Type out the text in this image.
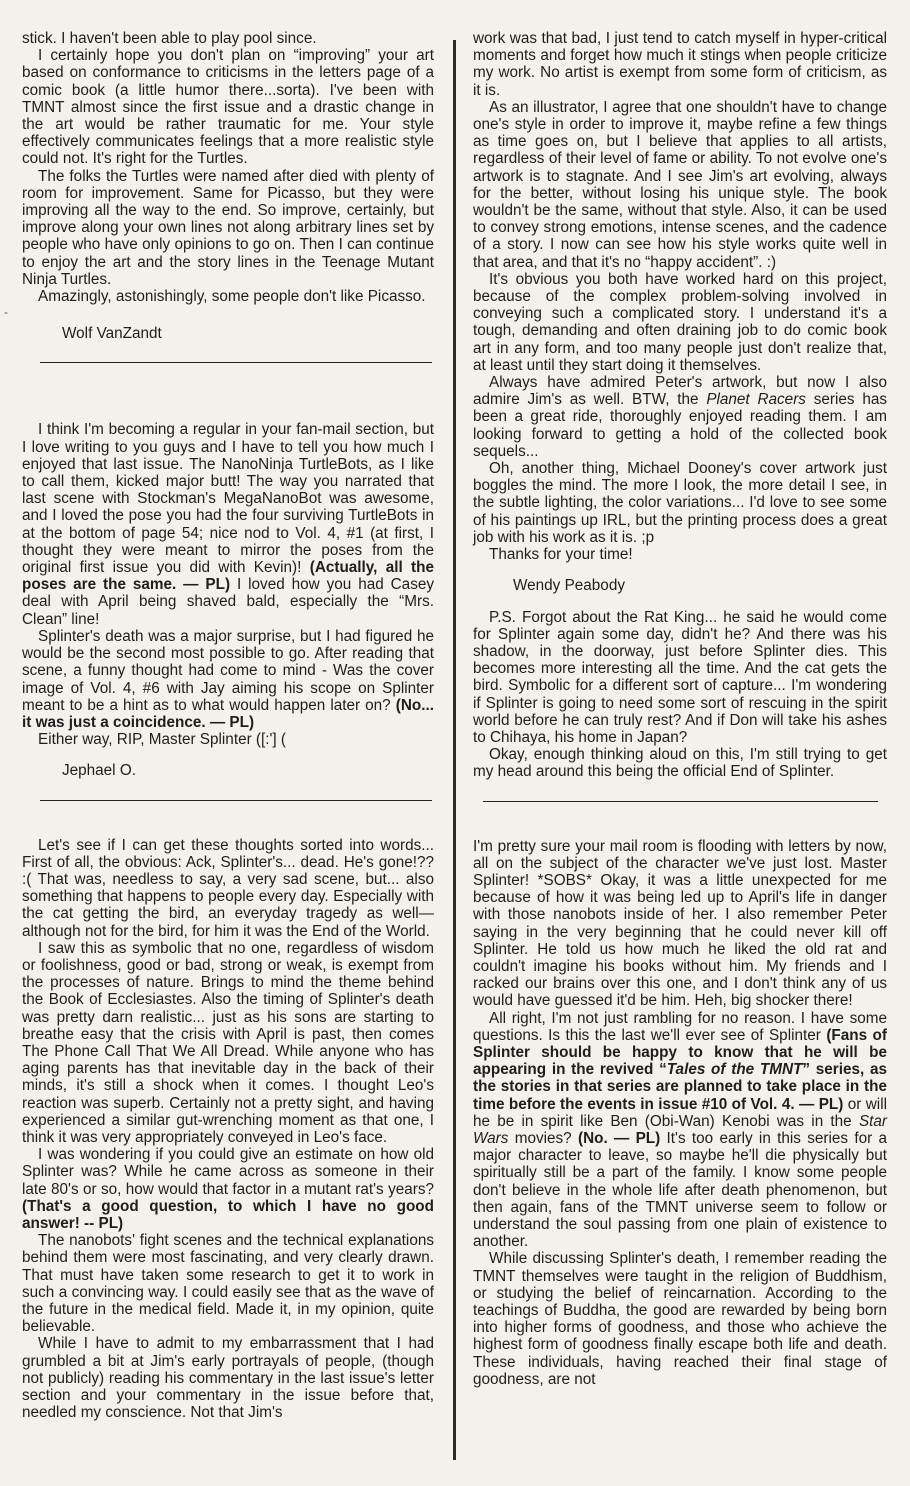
-

stick. I haven't been able to play pool since.

I certainly hope you don't plan on “improving” your art based on conformance to criticisms in the letters page of a comic book (a little humor there...sorta). I've been with TMNT almost since the first issue and a drastic change in the art would be rather traumatic for me. Your style effectively communicates feelings that a more realistic style could not. It's right for the Turtles.

The folks the Turtles were named after died with plenty of room for improvement. Same for Picasso, but they were improving all the way to the end. So improve, certainly, but improve along your own lines not along arbitrary lines set by people who have only opinions to go on. Then I can continue to enjoy the art and the story lines in the Teenage Mutant Ninja Turtles.

Amazingly, astonishingly, some people don't like Picasso.

Wolf VanZandt

I think I'm becoming a regular in your fan-mail section, but I love writing to you guys and I have to tell you how much I enjoyed that last issue. The NanoNinja TurtleBots, as I like to call them, kicked major butt! The way you narrated that last scene with Stockman's MegaNanoBot was awesome, and I loved the pose you had the four surviving TurtleBots in at the bottom of page 54; nice nod to Vol. 4, #1 (at first, I thought they were meant to mirror the poses from the original first issue you did with Kevin)! (Actually, all the poses are the same. — PL) I loved how you had Casey deal with April being shaved bald, especially the “Mrs. Clean” line!

Splinter's death was a major surprise, but I had figured he would be the second most possible to go. After reading that scene, a funny thought had come to mind - Was the cover image of Vol. 4, #6 with Jay aiming his scope on Splinter meant to be a hint as to what would happen later on? (No... it was just a coincidence. — PL)

Either way, RIP, Master Splinter ([:'] (

Jephael O.

Let's see if I can get these thoughts sorted into words... First of all, the obvious: Ack, Splinter's... dead. He's gone!?? :( That was, needless to say, a very sad scene, but... also something that happens to people every day. Especially with the cat getting the bird, an everyday tragedy as well— although not for the bird, for him it was the End of the World.

I saw this as symbolic that no one, regardless of wisdom or foolishness, good or bad, strong or weak, is exempt from the processes of nature. Brings to mind the theme behind the Book of Ecclesiastes. Also the timing of Splinter's death was pretty darn realistic... just as his sons are starting to breathe easy that the crisis with April is past, then comes The Phone Call That We All Dread. While anyone who has aging parents has that inevitable day in the back of their minds, it's still a shock when it comes. I thought Leo's reaction was superb. Certainly not a pretty sight, and having experienced a similar gut-wrenching moment as that one, I think it was very appropriately conveyed in Leo's face.

I was wondering if you could give an estimate on how old Splinter was? While he came across as someone in their late 80's or so, how would that factor in a mutant rat's years? (That's a good question, to which I have no good answer! -- PL)

The nanobots' fight scenes and the technical explanations behind them were most fascinating, and very clearly drawn. That must have taken some research to get it to work in such a convincing way. I could easily see that as the wave of the future in the medical field. Made it, in my opinion, quite believable.

While I have to admit to my embarrassment that I had grumbled a bit at Jim's early portrayals of people, (though not publicly) reading his commentary in the last issue's letter section and your commentary in the issue before that, needled my conscience. Not that Jim's

work was that bad, I just tend to catch myself in hyper-critical moments and forget how much it stings when people criticize my work. No artist is exempt from some form of criticism, as it is.

As an illustrator, I agree that one shouldn't have to change one's style in order to improve it, maybe refine a few things as time goes on, but I believe that applies to all artists, regardless of their level of fame or ability. To not evolve one's artwork is to stagnate. And I see Jim's art evolving, always for the better, without losing his unique style. The book wouldn't be the same, without that style. Also, it can be used to convey strong emotions, intense scenes, and the cadence of a story. I now can see how his style works quite well in that area, and that it's no “happy accident”. :)

It's obvious you both have worked hard on this project, because of the complex problem-solving involved in conveying such a complicated story. I understand it's a tough, demanding and often draining job to do comic book art in any form, and too many people just don't realize that, at least until they start doing it themselves.

Always have admired Peter's artwork, but now I also admire Jim's as well. BTW, the Planet Racers series has been a great ride, thoroughly enjoyed reading them. I am looking forward to getting a hold of the collected book sequels...

Oh, another thing, Michael Dooney's cover artwork just boggles the mind. The more I look, the more detail I see, in the subtle lighting, the color variations... I'd love to see some of his paintings up IRL, but the printing process does a great job with his work as it is. ;p

Thanks for your time!

Wendy Peabody

P.S. Forgot about the Rat King... he said he would come for Splinter again some day, didn't he? And there was his shadow, in the doorway, just before Splinter dies. This becomes more interesting all the time. And the cat gets the bird. Symbolic for a different sort of capture... I'm wondering if Splinter is going to need some sort of rescuing in the spirit world before he can truly rest? And if Don will take his ashes to Chihaya, his home in Japan?

Okay, enough thinking aloud on this, I'm still trying to get my head around this being the official End of Splinter.

I'm pretty sure your mail room is flooding with letters by now, all on the subject of the character we've just lost. Master Splinter! *SOBS* Okay, it was a little unexpected for me because of how it was being led up to April's life in danger with those nanobots inside of her. I also remember Peter saying in the very beginning that he could never kill off Splinter. He told us how much he liked the old rat and couldn't imagine his books without him. My friends and I racked our brains over this one, and I don't think any of us would have guessed it'd be him. Heh, big shocker there!

All right, I'm not just rambling for no reason. I have some questions. Is this the last we'll ever see of Splinter (Fans of Splinter should be happy to know that he will be appearing in the revived “Tales of the TMNT” series, as the stories in that series are planned to take place in the time before the events in issue #10 of Vol. 4. — PL) or will he be in spirit like Ben (Obi-Wan) Kenobi was in the Star Wars movies? (No. — PL) It's too early in this series for a major character to leave, so maybe he'll die physically but spiritually still be a part of the family. I know some people don't believe in the whole life after death phenomenon, but then again, fans of the TMNT universe seem to follow or understand the soul passing from one plain of existence to another.

While discussing Splinter's death, I remember reading the TMNT themselves were taught in the religion of Buddhism, or studying the belief of reincarnation. According to the teachings of Buddha, the good are rewarded by being born into higher forms of goodness, and those who achieve the highest form of goodness finally escape both life and death. These individuals, having reached their final stage of goodness, are not
